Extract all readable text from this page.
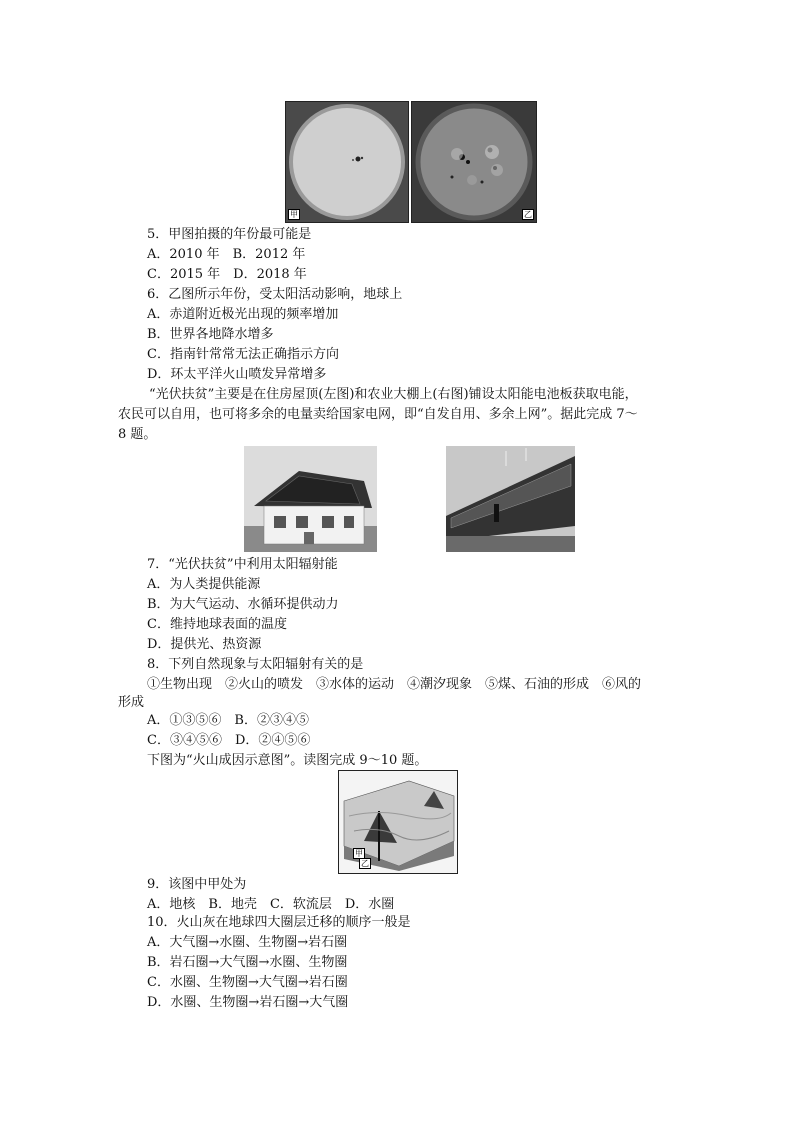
甲	乙
5．甲图拍摄的年份最可能是
A．2010 年　B．2012 年
C．2015 年　D．2018 年
6．乙图所示年份，受太阳活动影响，地球上
A．赤道附近极光出现的频率增加
B．世界各地降水增多
C．指南针常常无法正确指示方向
D．环太平洋火山喷发异常增多
“光伏扶贫”主要是在住房屋顶(左图)和农业大棚上(右图)铺设太阳能电池板获取电能，
农民可以自用，也可将多余的电量卖给国家电网，即“自发自用、多余上网”。据此完成 7～
8 题。
7．“光伏扶贫”中利用太阳辐射能
A．为人类提供能源
B．为大气运动、水循环提供动力
C．维持地球表面的温度
D．提供光、热资源
8．下列自然现象与太阳辐射有关的是
①生物出现　②火山的喷发　③水体的运动　④潮汐现象　⑤煤、石油的形成　⑥风的
形成
A．①③⑤⑥　B．②③④⑤
C．③④⑤⑥　D．②④⑤⑥
下图为“火山成因示意图”。读图完成 9～10 题。
甲
乙
9．该图中甲处为
A．地核　B．地壳　C．软流层　D．水圈
10．火山灰在地球四大圈层迁移的顺序一般是
A．大气圈→水圈、生物圈→岩石圈
B．岩石圈→大气圈→水圈、生物圈
C．水圈、生物圈→大气圈→岩石圈
D．水圈、生物圈→岩石圈→大气圈
